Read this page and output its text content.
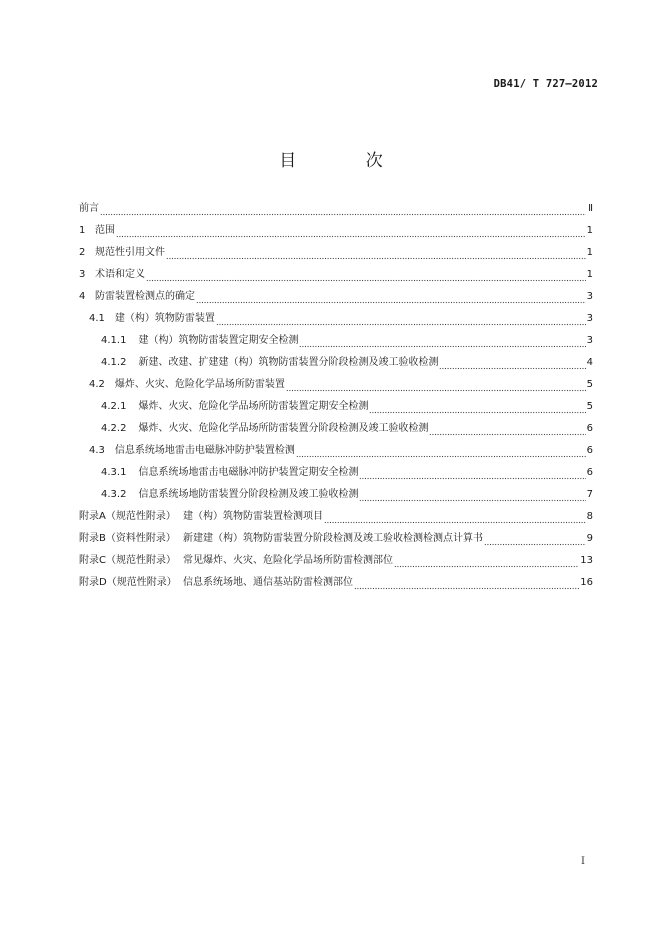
DB41/ T 727—2012
目 次
前言	Ⅱ
1 范围	1
2 规范性引用文件	1
3 术语和定义	1
4 防雷装置检测点的确定	3
4.1 建（构）筑物防雷装置	3
4.1.1 建（构）筑物防雷装置定期安全检测	3
4.1.2 新建、改建、扩建建（构）筑物防雷装置分阶段检测及竣工验收检测	4
4.2 爆炸、火灾、危险化学品场所防雷装置	5
4.2.1 爆炸、火灾、危险化学品场所防雷装置定期安全检测	5
4.2.2 爆炸、火灾、危险化学品场所防雷装置分阶段检测及竣工验收检测	6
4.3 信息系统场地雷击电磁脉冲防护装置检测	6
4.3.1 信息系统场地雷击电磁脉冲防护装置定期安全检测	6
4.3.2 信息系统场地防雷装置分阶段检测及竣工验收检测	7
附录A（规范性附录） 建（构）筑物防雷装置检测项目	8
附录B（资料性附录） 新建建（构）筑物防雷装置分阶段检测及竣工验收检测检测点计算书	9
附录C（规范性附录） 常见爆炸、火灾、危险化学品场所防雷检测部位	13
附录D（规范性附录） 信息系统场地、通信基站防雷检测部位	16
I
